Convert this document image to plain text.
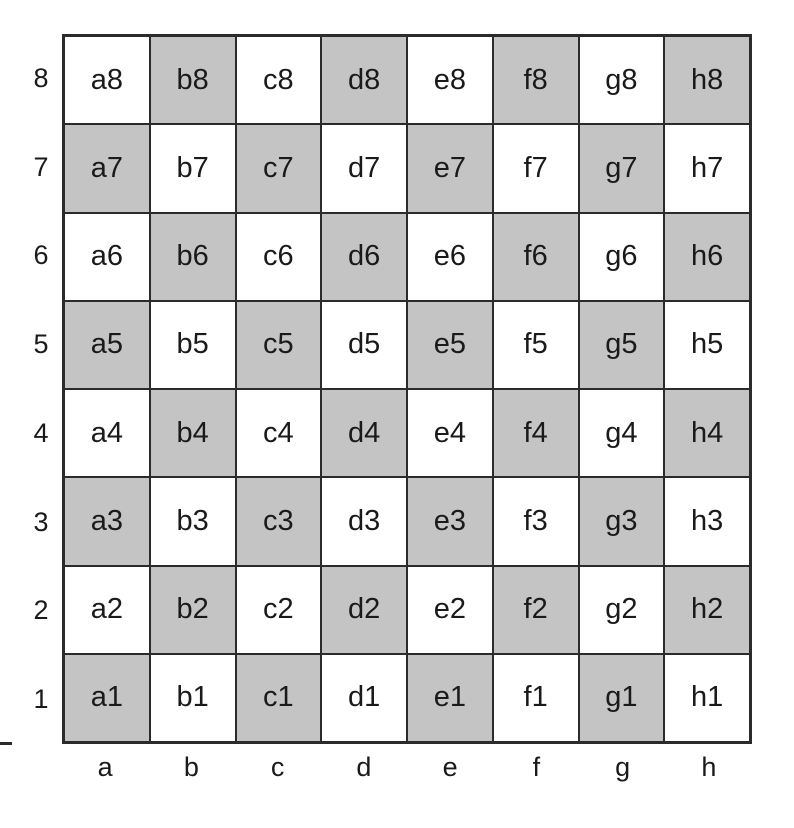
8
7
6
5
4
3
2
1
a8	b8	c8	d8	e8	f8	g8	h8
a7	b7	c7	d7	e7	f7	g7	h7
a6	b6	c6	d6	e6	f6	g6	h6
a5	b5	c5	d5	e5	f5	g5	h5
a4	b4	c4	d4	e4	f4	g4	h4
a3	b3	c3	d3	e3	f3	g3	h3
a2	b2	c2	d2	e2	f2	g2	h2
a1	b1	c1	d1	e1	f1	g1	h1
a	b	c	d	e	f	g	h
